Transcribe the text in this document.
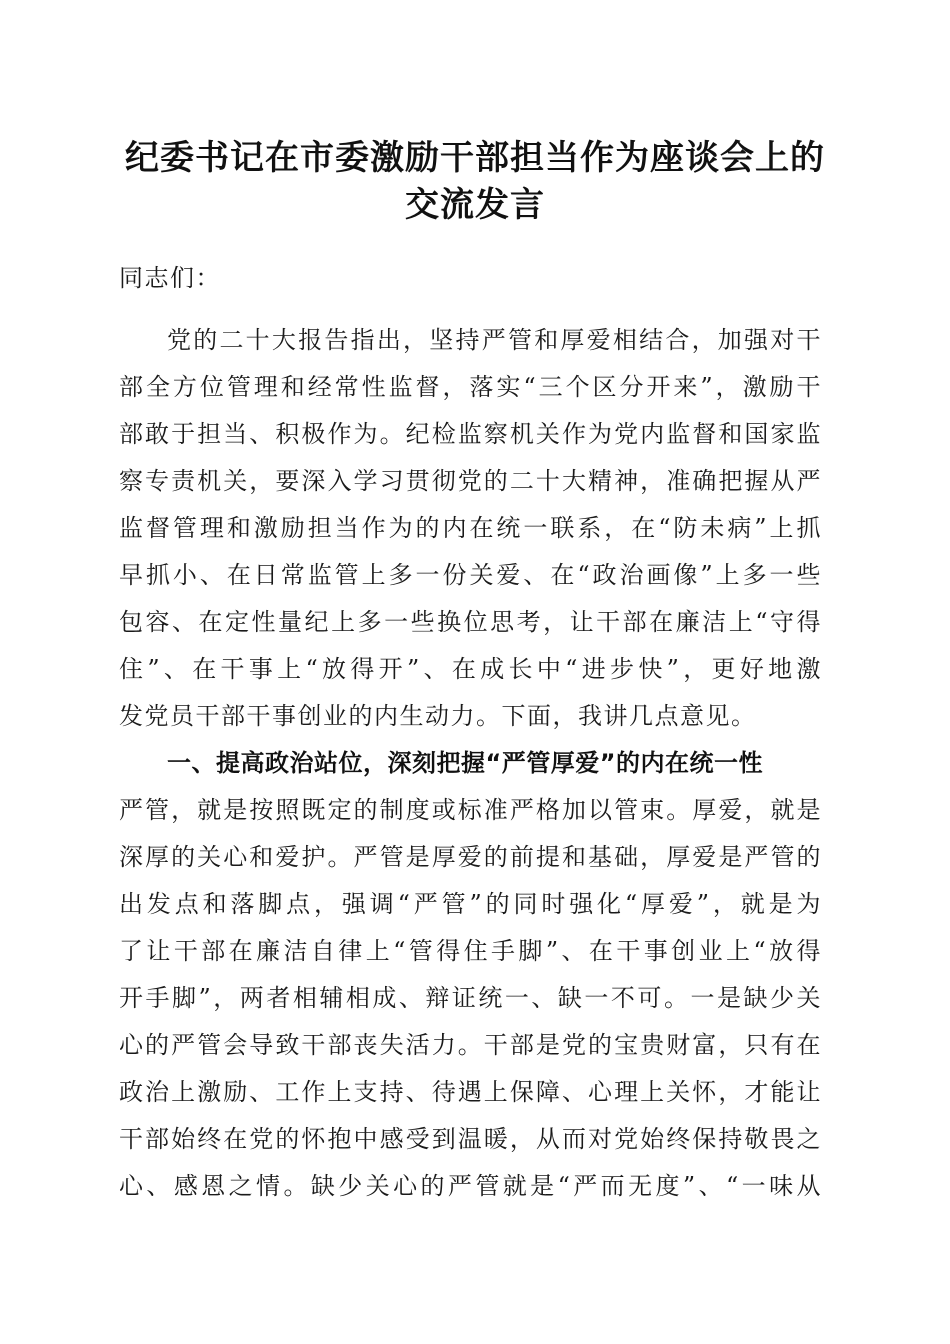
纪委书记在市委激励干部担当作为座谈会上的
交流发言

同志们：

党的二十大报告指出，坚持严管和厚爱相结合，加强对干

部全方位管理和经常性监督，落实“三个区分开来”，激励干

部敢于担当、积极作为。纪检监察机关作为党内监督和国家监

察专责机关，要深入学习贯彻党的二十大精神，准确把握从严

监督管理和激励担当作为的内在统一联系，在“防未病”上抓

早抓小、在日常监管上多一份关爱、在“政治画像”上多一些

包容、在定性量纪上多一些换位思考，让干部在廉洁上“守得

住”、在干事上“放得开”、在成长中“进步快”，更好地激

发党员干部干事创业的内生动力。下面，我讲几点意见。

一、提高政治站位，深刻把握“严管厚爱”的内在统一性

严管，就是按照既定的制度或标准严格加以管束。厚爱，就是

深厚的关心和爱护。严管是厚爱的前提和基础，厚爱是严管的

出发点和落脚点，强调“严管”的同时强化“厚爱”，就是为

了让干部在廉洁自律上“管得住手脚”、在干事创业上“放得

开手脚”，两者相辅相成、辩证统一、缺一不可。一是缺少关

心的严管会导致干部丧失活力。干部是党的宝贵财富，只有在

政治上激励、工作上支持、待遇上保障、心理上关怀，才能让

干部始终在党的怀抱中感受到温暖，从而对党始终保持敬畏之

心、感恩之情。缺少关心的严管就是“严而无度”、“一味从
